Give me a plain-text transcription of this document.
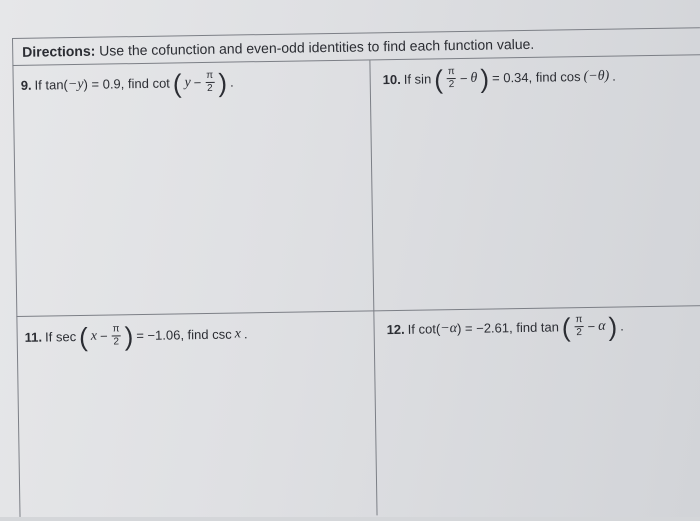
Directions: Use the cofunction and even-odd identities to find each function value.
9. If tan( −y ) = 0.9, find cot ( $y - \frac{\pi}{2}$ ) .	10. If sin ( $\frac{\pi}{2} - \theta$ ) = 0.34, find cos (−θ) .
11. If sec ( $x - \frac{\pi}{2}$ ) = −1.06, find csc x .	12. If cot( −α ) = −2.61, find tan ( $\frac{\pi}{2} - \alpha$ ) .
